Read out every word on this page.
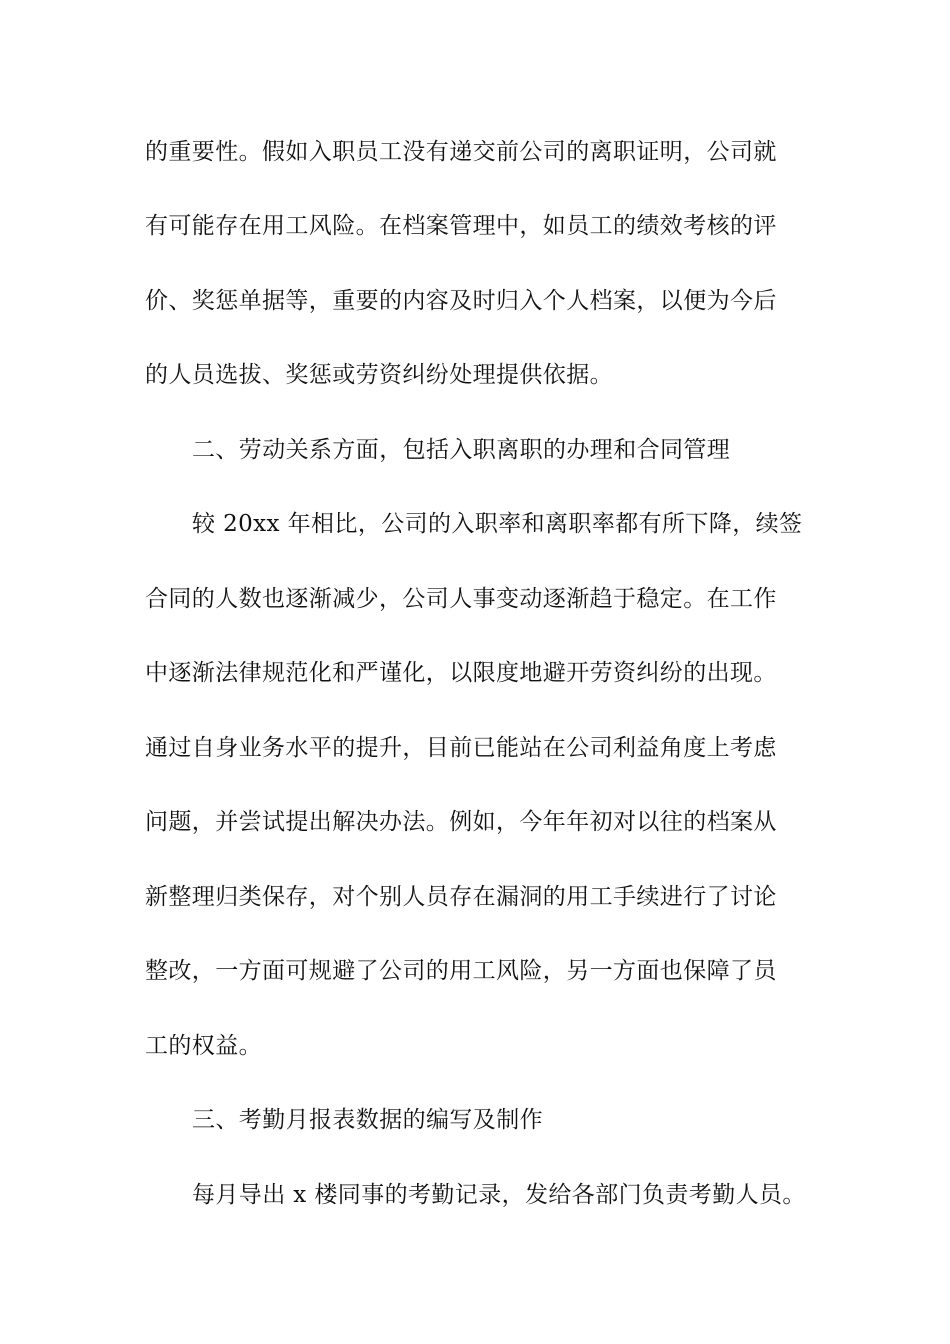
的重要性。假如入职员工没有递交前公司的离职证明，公司就

有可能存在用工风险。在档案管理中，如员工的绩效考核的评

价、奖惩单据等，重要的内容及时归入个人档案，以便为今后

的人员选拔、奖惩或劳资纠纷处理提供依据。

二、劳动关系方面，包括入职离职的办理和合同管理

较 20xx 年相比，公司的入职率和离职率都有所下降，续签

合同的人数也逐渐减少，公司人事变动逐渐趋于稳定。在工作

中逐渐法律规范化和严谨化，以限度地避开劳资纠纷的出现。

通过自身业务水平的提升，目前已能站在公司利益角度上考虑

问题，并尝试提出解决办法。例如，今年年初对以往的档案从

新整理归类保存，对个别人员存在漏洞的用工手续进行了讨论

整改，一方面可规避了公司的用工风险，另一方面也保障了员

工的权益。

三、考勤月报表数据的编写及制作

每月导出 x 楼同事的考勤记录，发给各部门负责考勤人员。
